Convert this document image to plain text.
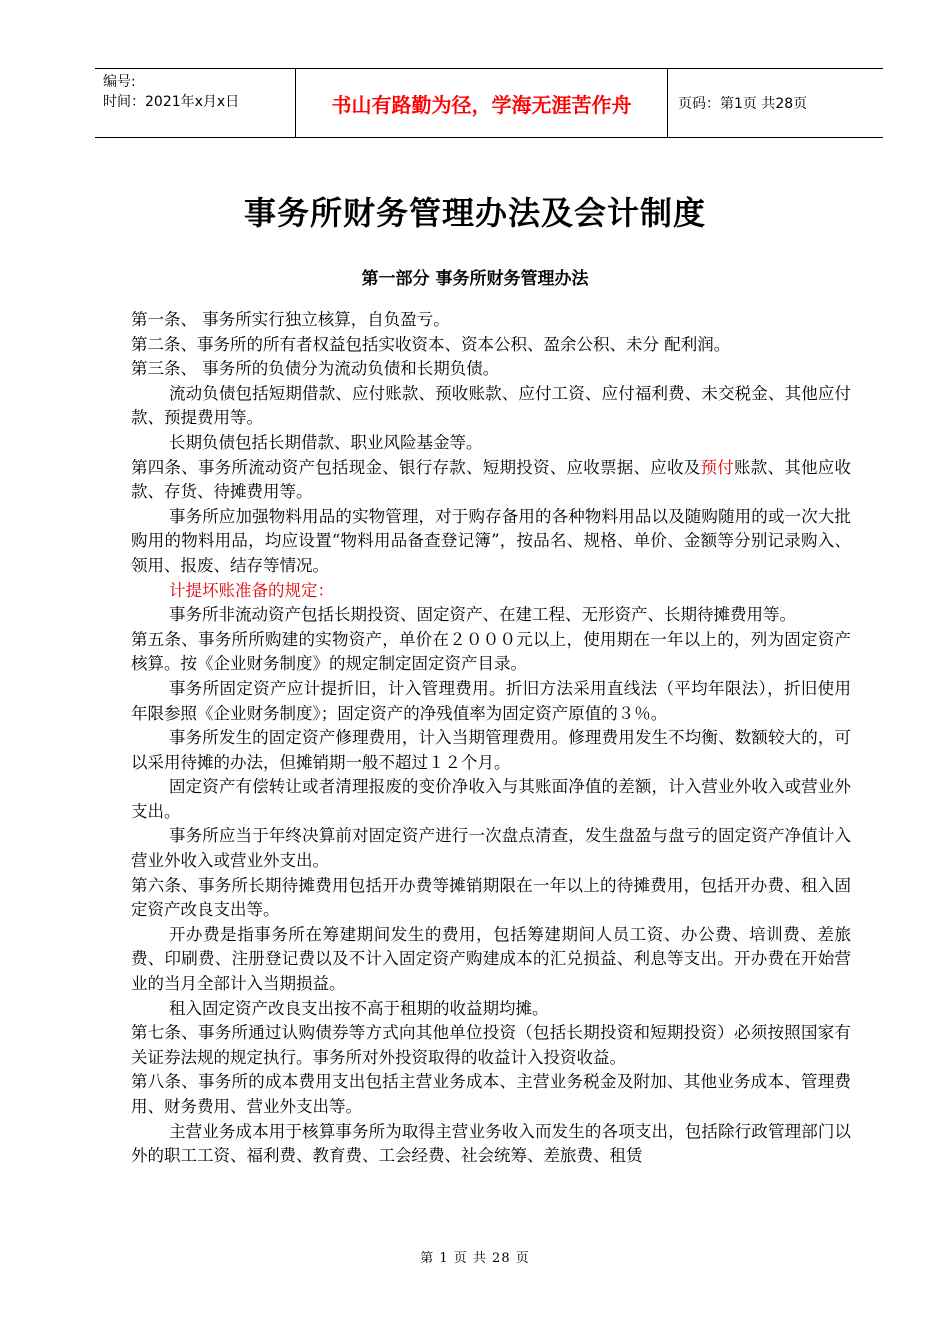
编号:
时间：2021年x月x日	书山有路勤为径，学海无涯苦作舟	页码：第1页 共28页
事务所财务管理办法及会计制度
第一部分 事务所财务管理办法

第一条、 事务所实行独立核算，自负盈亏。

第二条、事务所的所有者权益包括实收资本、资本公积、盈余公积、未分 配利润。

第三条、 事务所的负债分为流动负债和长期负债。

流动负债包括短期借款、应付账款、预收账款、应付工资、应付福利费、未交税金、其他应付款、预提费用等。

长期负债包括长期借款、职业风险基金等。

第四条、事务所流动资产包括现金、银行存款、短期投资、应收票据、应收及预付账款、其他应收款、存货、待摊费用等。

事务所应加强物料用品的实物管理，对于购存备用的各种物料用品以及随购随用的或一次大批购用的物料用品，均应设置“物料用品备查登记簿”，按品名、规格、单价、金额等分别记录购入、领用、报废、结存等情况。

计提坏账准备的规定：

事务所非流动资产包括长期投资、固定资产、在建工程、无形资产、长期待摊费用等。

第五条、事务所所购建的实物资产，单价在２０００元以上，使用期在一年以上的，列为固定资产核算。按《企业财务制度》的规定制定固定资产目录。

事务所固定资产应计提折旧，计入管理费用。折旧方法采用直线法（平均年限法），折旧使用年限参照《企业财务制度》；固定资产的净残值率为固定资产原值的３％。

事务所发生的固定资产修理费用，计入当期管理费用。修理费用发生不均衡、数额较大的，可以采用待摊的办法，但摊销期一般不超过１２个月。

固定资产有偿转让或者清理报废的变价净收入与其账面净值的差额，计入营业外收入或营业外支出。

事务所应当于年终决算前对固定资产进行一次盘点清查，发生盘盈与盘亏的固定资产净值计入营业外收入或营业外支出。

第六条、事务所长期待摊费用包括开办费等摊销期限在一年以上的待摊费用，包括开办费、租入固定资产改良支出等。

开办费是指事务所在筹建期间发生的费用，包括筹建期间人员工资、办公费、培训费、差旅费、印刷费、注册登记费以及不计入固定资产购建成本的汇兑损益、利息等支出。开办费在开始营业的当月全部计入当期损益。

租入固定资产改良支出按不高于租期的收益期均摊。

第七条、事务所通过认购债券等方式向其他单位投资（包括长期投资和短期投资）必须按照国家有关证券法规的规定执行。事务所对外投资取得的收益计入投资收益。

第八条、事务所的成本费用支出包括主营业务成本、主营业务税金及附加、其他业务成本、管理费用、财务费用、营业外支出等。

主营业务成本用于核算事务所为取得主营业务收入而发生的各项支出，包括除行政管理部门以外的职工工资、福利费、教育费、工会经费、社会统筹、差旅费、租赁

第 1 页 共 28 页
